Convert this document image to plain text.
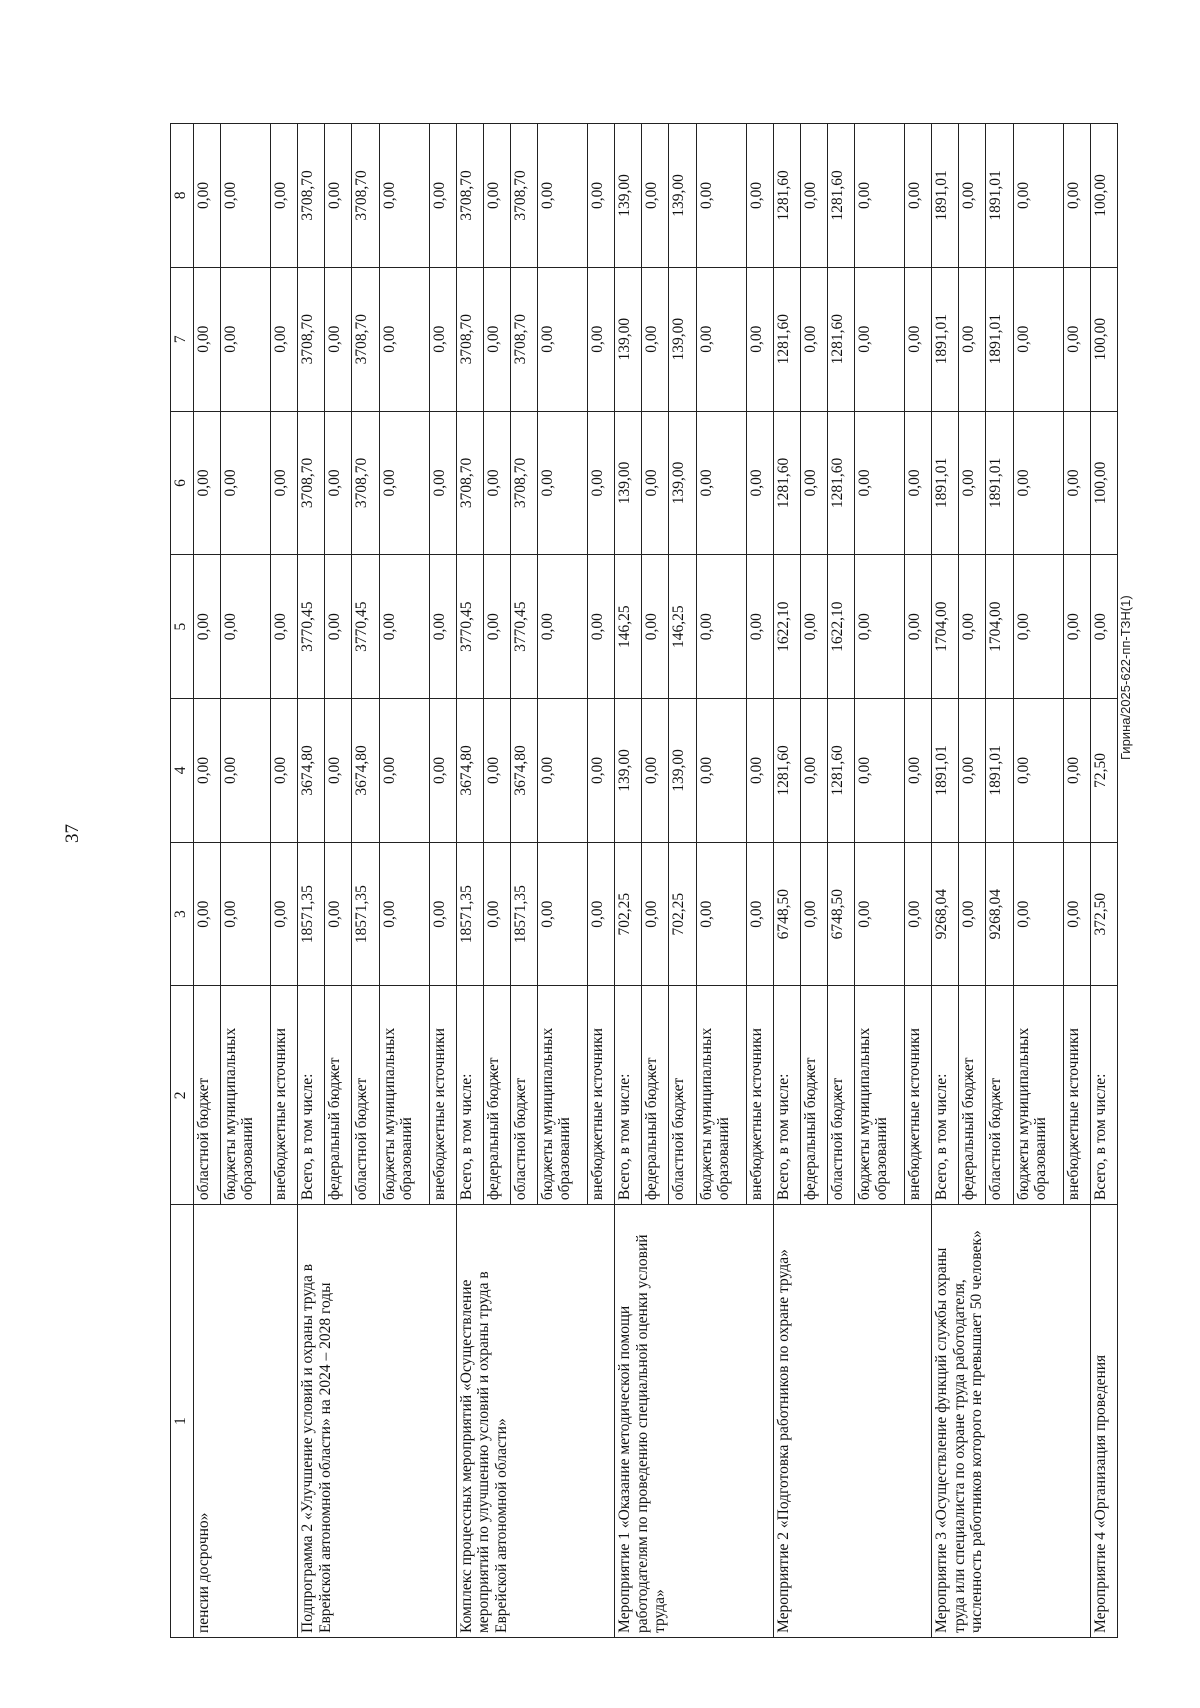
37
Гирина/2025-622-пп-ТЗН(1)
1	2	3	4	5	6	7	8
пенсии досрочно»	областной бюджет	0,00	0,00	0,00	0,00	0,00	0,00
	бюджеты муниципальных образований	0,00	0,00	0,00	0,00	0,00	0,00
	внебюджетные источники	0,00	0,00	0,00	0,00	0,00	0,00
Подпрограмма 2 «Улучшение условий и охраны труда в Еврейской автономной области» на 2024 – 2028 годы	Всего, в том числе:	18571,35	3674,80	3770,45	3708,70	3708,70	3708,70
	федеральный бюджет	0,00	0,00	0,00	0,00	0,00	0,00
	областной бюджет	18571,35	3674,80	3770,45	3708,70	3708,70	3708,70
	бюджеты муниципальных образований	0,00	0,00	0,00	0,00	0,00	0,00
	внебюджетные источники	0,00	0,00	0,00	0,00	0,00	0,00
Комплекс процессных мероприятий «Осуществление мероприятий по улучшению условий и охраны труда в Еврейской автономной области»	Всего, в том числе:	18571,35	3674,80	3770,45	3708,70	3708,70	3708,70
	федеральный бюджет	0,00	0,00	0,00	0,00	0,00	0,00
	областной бюджет	18571,35	3674,80	3770,45	3708,70	3708,70	3708,70
	бюджеты муниципальных образований	0,00	0,00	0,00	0,00	0,00	0,00
	внебюджетные источники	0,00	0,00	0,00	0,00	0,00	0,00
Мероприятие 1 «Оказание методической помощи работодателям по проведению специальной оценки условий труда»	Всего, в том числе:	702,25	139,00	146,25	139,00	139,00	139,00
	федеральный бюджет	0,00	0,00	0,00	0,00	0,00	0,00
	областной бюджет	702,25	139,00	146,25	139,00	139,00	139,00
	бюджеты муниципальных образований	0,00	0,00	0,00	0,00	0,00	0,00
	внебюджетные источники	0,00	0,00	0,00	0,00	0,00	0,00
Мероприятие 2 «Подготовка работников по охране труда»	Всего, в том числе:	6748,50	1281,60	1622,10	1281,60	1281,60	1281,60
	федеральный бюджет	0,00	0,00	0,00	0,00	0,00	0,00
	областной бюджет	6748,50	1281,60	1622,10	1281,60	1281,60	1281,60
	бюджеты муниципальных образований	0,00	0,00	0,00	0,00	0,00	0,00
	внебюджетные источники	0,00	0,00	0,00	0,00	0,00	0,00
Мероприятие 3 «Осуществление функций службы охраны труда или специалиста по охране труда работодателя, численность работников которого не превышает 50 человек»	Всего, в том числе:	9268,04	1891,01	1704,00	1891,01	1891,01	1891,01
	федеральный бюджет	0,00	0,00	0,00	0,00	0,00	0,00
	областной бюджет	9268,04	1891,01	1704,00	1891,01	1891,01	1891,01
	бюджеты муниципальных образований	0,00	0,00	0,00	0,00	0,00	0,00
	внебюджетные источники	0,00	0,00	0,00	0,00	0,00	0,00
Мероприятие 4 «Организация проведения	Всего, в том числе:	372,50	72,50	0,00	100,00	100,00	100,00
